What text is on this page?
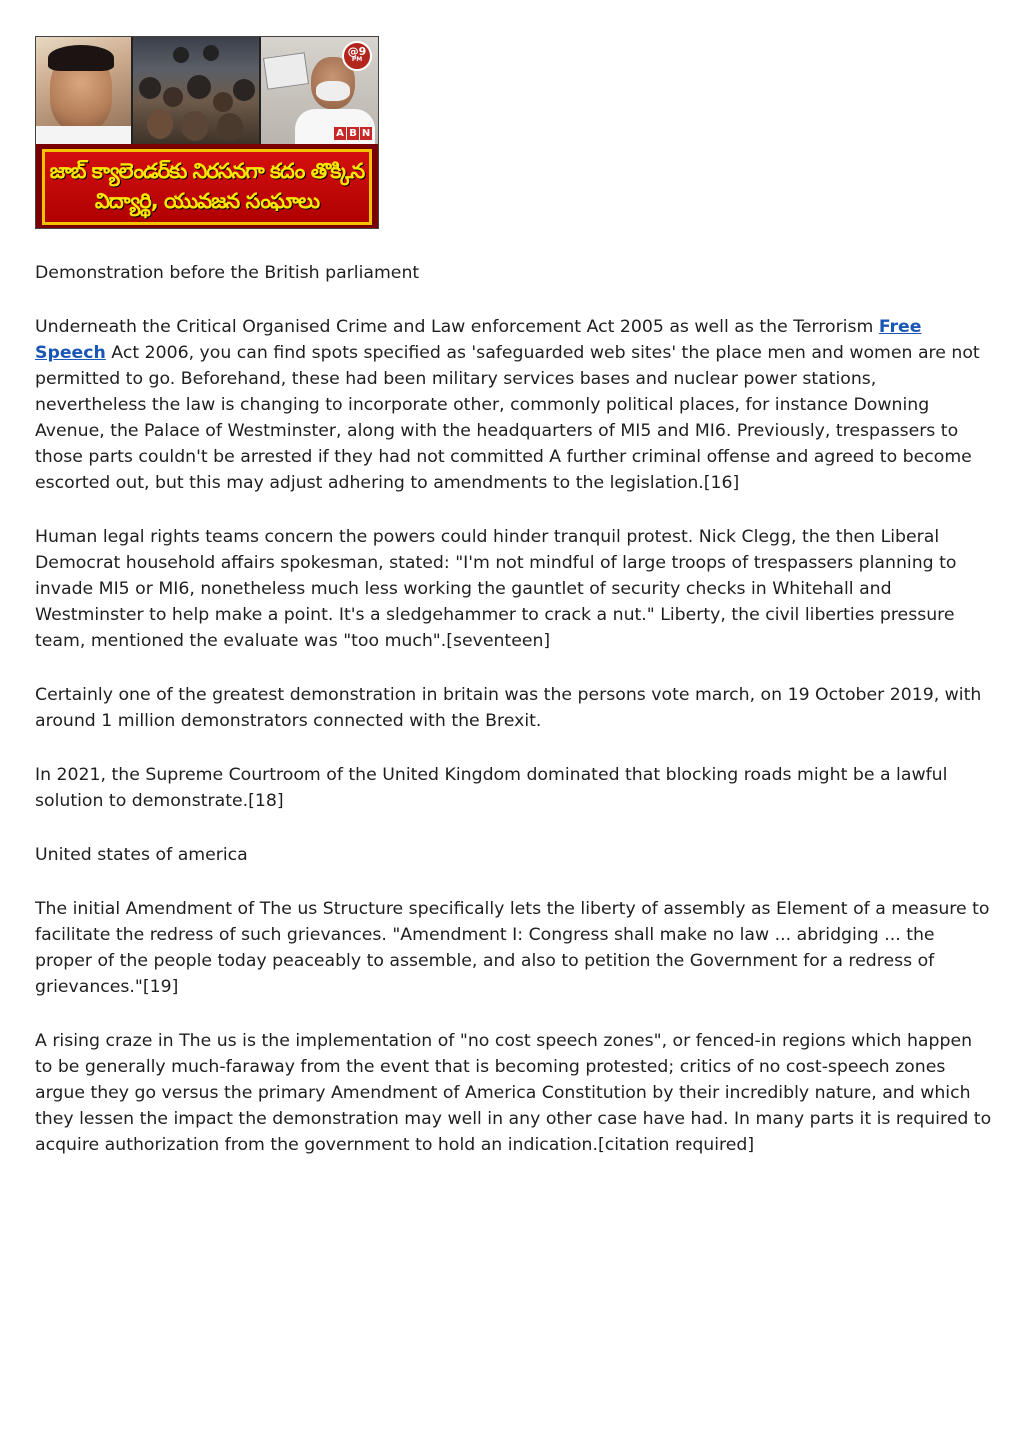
@9
PM
A B N
జాబ్ క్యాలెండర్‌కు నిరసనగా కదం తొక్కిన
విద్యార్థి, యువజన సంఘాలు

Demonstration before the British parliament

Underneath the Critical Organised Crime and Law enforcement Act 2005 as well as the Terrorism Free Speech Act 2006, you can find spots specified as 'safeguarded web sites' the place men and women are not permitted to go. Beforehand, these had been military services bases and nuclear power stations, nevertheless the law is changing to incorporate other, commonly political places, for instance Downing Avenue, the Palace of Westminster, along with the headquarters of MI5 and MI6. Previously, trespassers to those parts couldn't be arrested if they had not committed A further criminal offense and agreed to become escorted out, but this may adjust adhering to amendments to the legislation.[16]

Human legal rights teams concern the powers could hinder tranquil protest. Nick Clegg, the then Liberal Democrat household affairs spokesman, stated: "I'm not mindful of large troops of trespassers planning to invade MI5 or MI6, nonetheless much less working the gauntlet of security checks in Whitehall and Westminster to help make a point. It's a sledgehammer to crack a nut." Liberty, the civil liberties pressure team, mentioned the evaluate was "too much".[seventeen]

Certainly one of the greatest demonstration in britain was the persons vote march, on 19 October 2019, with around 1 million demonstrators connected with the Brexit.

In 2021, the Supreme Courtroom of the United Kingdom dominated that blocking roads might be a lawful solution to demonstrate.[18]

United states of america

The initial Amendment of The us Structure specifically lets the liberty of assembly as Element of a measure to facilitate the redress of such grievances. "Amendment I: Congress shall make no law ... abridging ... the proper of the people today peaceably to assemble, and also to petition the Government for a redress of grievances."[19]

A rising craze in The us is the implementation of "no cost speech zones", or fenced-in regions which happen to be generally much-faraway from the event that is becoming protested; critics of no cost-speech zones argue they go versus the primary Amendment of America Constitution by their incredibly nature, and which they lessen the impact the demonstration may well in any other case have had. In many parts it is required to acquire authorization from the government to hold an indication.[citation required]
